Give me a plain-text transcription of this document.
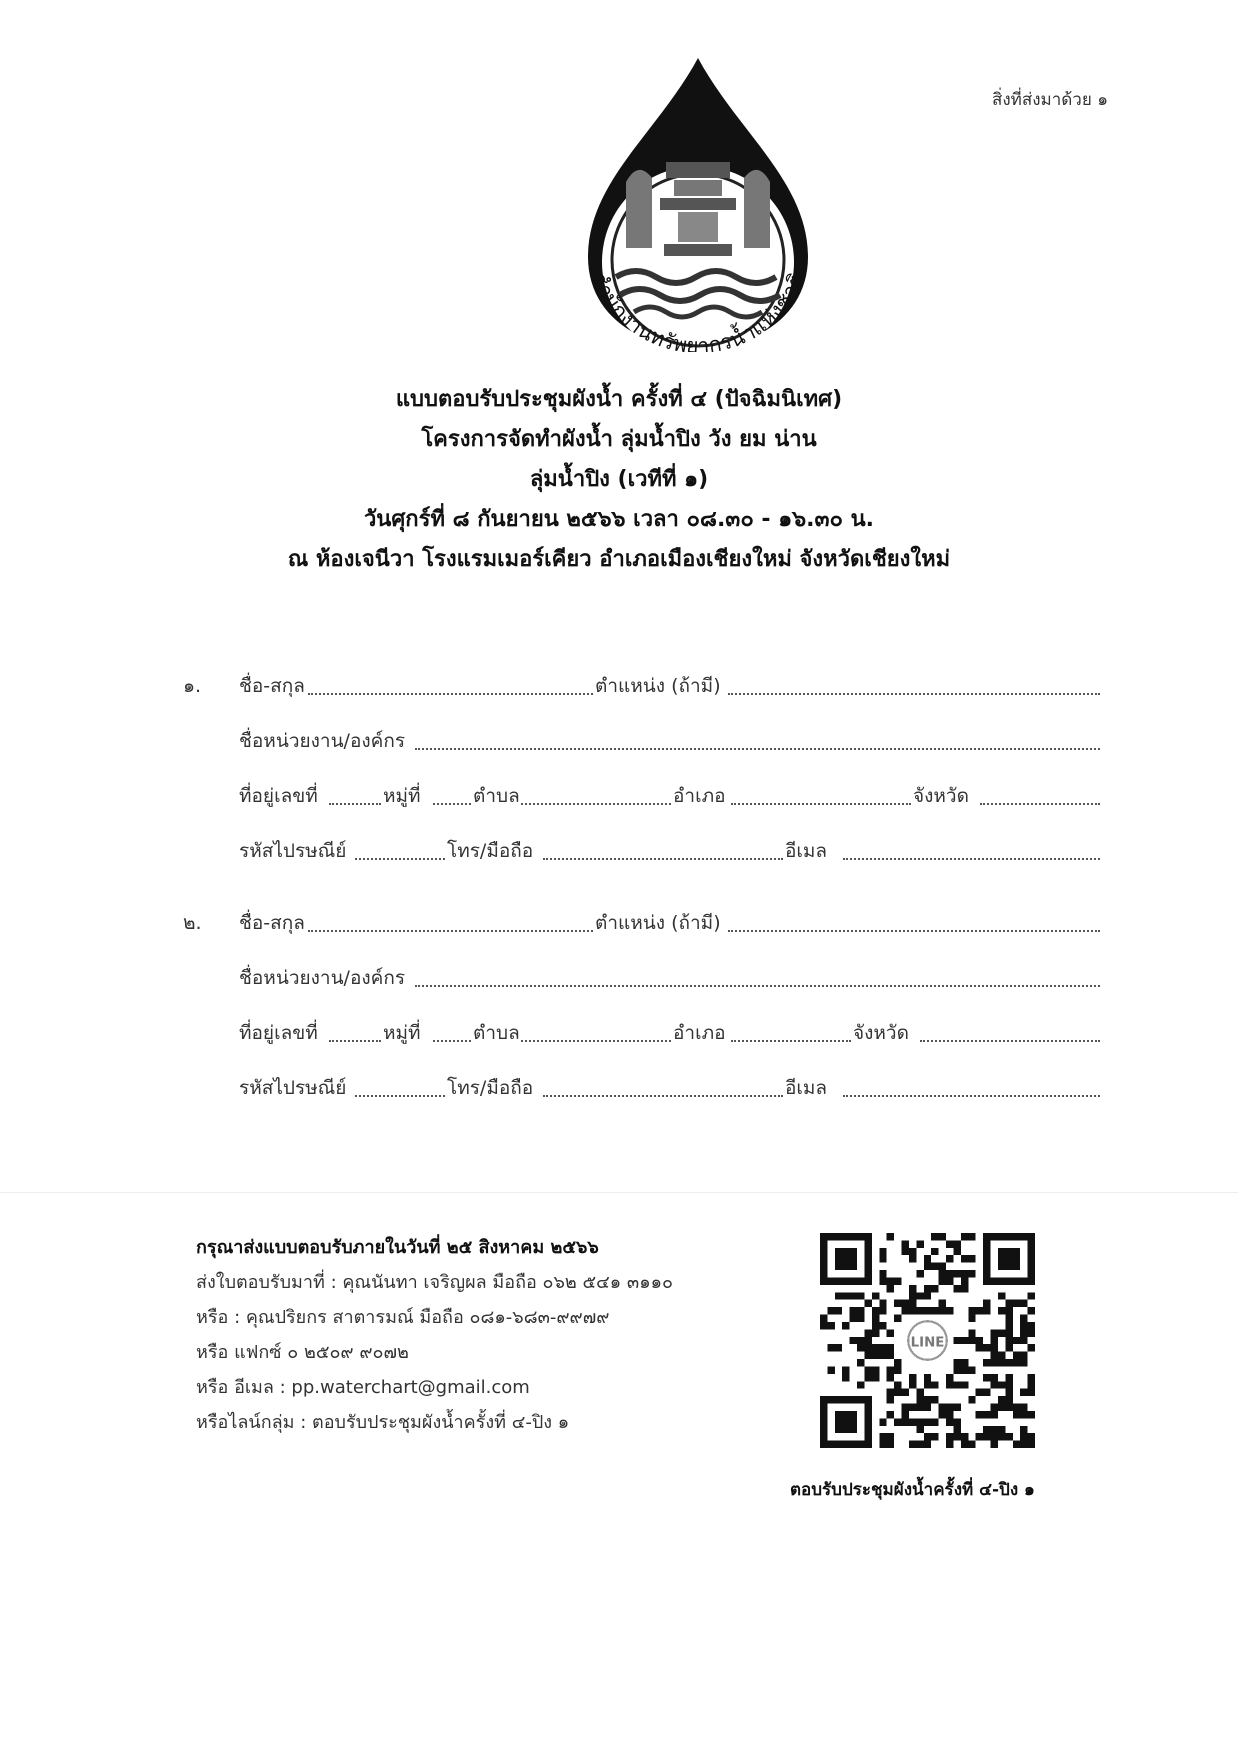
สิ่งที่ส่งมาด้วย ๑
สำนักงานทรัพยากรน้ำแห่งชาติ
แบบตอบรับประชุมผังน้ำ ครั้งที่ ๔ (ปัจฉิมนิเทศ)
โครงการจัดทำผังน้ำ ลุ่มน้ำปิง วัง ยม น่าน
ลุ่มน้ำปิง (เวทีที่ ๑)
วันศุกร์ที่ ๘ กันยายน ๒๕๖๖ เวลา ๐๘.๓๐ - ๑๖.๓๐ น.
ณ ห้องเจนีวา โรงแรมเมอร์เคียว อำเภอเมืองเชียงใหม่ จังหวัดเชียงใหม่
๑. ชื่อ-สกุล	ตำแหน่ง (ถ้ามี)
ชื่อหน่วยงาน/องค์กร
ที่อยู่เลขที่	หมู่ที่	ตำบล	อำเภอ	จังหวัด
รหัสไปรษณีย์	โทร/มือถือ	อีเมล
๒. ชื่อ-สกุล	ตำแหน่ง (ถ้ามี)
ชื่อหน่วยงาน/องค์กร
ที่อยู่เลขที่	หมู่ที่	ตำบล	อำเภอ	จังหวัด
รหัสไปรษณีย์	โทร/มือถือ	อีเมล
กรุณาส่งแบบตอบรับภายในวันที่ ๒๕ สิงหาคม ๒๕๖๖
ส่งใบตอบรับมาที่ : คุณนันทา เจริญผล มือถือ ๐๖๒ ๕๔๑ ๓๑๑๐
หรือ : คุณปริยกร สาตารมณ์ มือถือ ๐๘๑-๖๘๓-๙๙๗๙
หรือ แฟกซ์ ๐ ๒๕๐๙ ๙๐๗๒
หรือ อีเมล : pp.waterchart@gmail.com
หรือไลน์กลุ่ม : ตอบรับประชุมผังน้ำครั้งที่ ๔-ปิง ๑
LINE
ตอบรับประชุมผังน้ำครั้งที่ ๔-ปิง ๑
